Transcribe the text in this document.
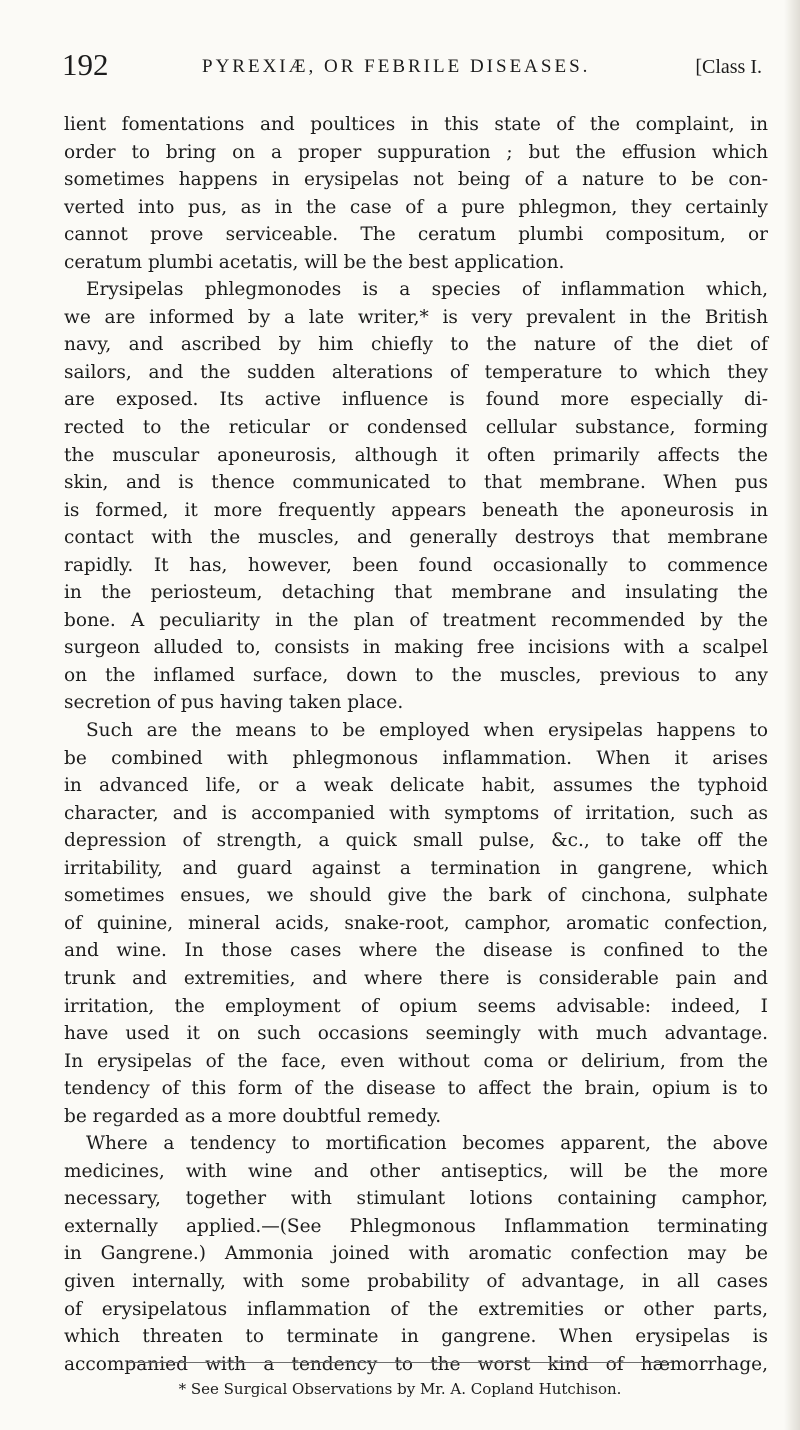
192	PYREXIÆ, OR FEBRILE DISEASES.	[Class I.
lient fomentations and poultices in this state of the complaint, in
order to bring on a proper suppuration ; but the effusion which
sometimes happens in erysipelas not being of a nature to be con-
verted into pus, as in the case of a pure phlegmon, they certainly
cannot prove serviceable. The ceratum plumbi compositum, or
ceratum plumbi acetatis, will be the best application.
Erysipelas phlegmonodes is a species of inflammation which,
we are informed by a late writer,* is very prevalent in the British
navy, and ascribed by him chiefly to the nature of the diet of
sailors, and the sudden alterations of temperature to which they
are exposed. Its active influence is found more especially di-
rected to the reticular or condensed cellular substance, forming
the muscular aponeurosis, although it often primarily affects the
skin, and is thence communicated to that membrane. When pus
is formed, it more frequently appears beneath the aponeurosis in
contact with the muscles, and generally destroys that membrane
rapidly. It has, however, been found occasionally to commence
in the periosteum, detaching that membrane and insulating the
bone. A peculiarity in the plan of treatment recommended by the
surgeon alluded to, consists in making free incisions with a scalpel
on the inflamed surface, down to the muscles, previous to any
secretion of pus having taken place.
Such are the means to be employed when erysipelas happens to
be combined with phlegmonous inflammation. When it arises
in advanced life, or a weak delicate habit, assumes the typhoid
character, and is accompanied with symptoms of irritation, such as
depression of strength, a quick small pulse, &c., to take off the
irritability, and guard against a termination in gangrene, which
sometimes ensues, we should give the bark of cinchona, sulphate
of quinine, mineral acids, snake-root, camphor, aromatic confection,
and wine. In those cases where the disease is confined to the
trunk and extremities, and where there is considerable pain and
irritation, the employment of opium seems advisable: indeed, I
have used it on such occasions seemingly with much advantage.
In erysipelas of the face, even without coma or delirium, from the
tendency of this form of the disease to affect the brain, opium is to
be regarded as a more doubtful remedy.
Where a tendency to mortification becomes apparent, the above
medicines, with wine and other antiseptics, will be the more
necessary, together with stimulant lotions containing camphor,
externally applied.—(See Phlegmonous Inflammation terminating
in Gangrene.) Ammonia joined with aromatic confection may be
given internally, with some probability of advantage, in all cases
of erysipelatous inflammation of the extremities or other parts,
which threaten to terminate in gangrene. When erysipelas is
accompanied with a tendency to the worst kind of hæmorrhage,
* See Surgical Observations by Mr. A. Copland Hutchison.
